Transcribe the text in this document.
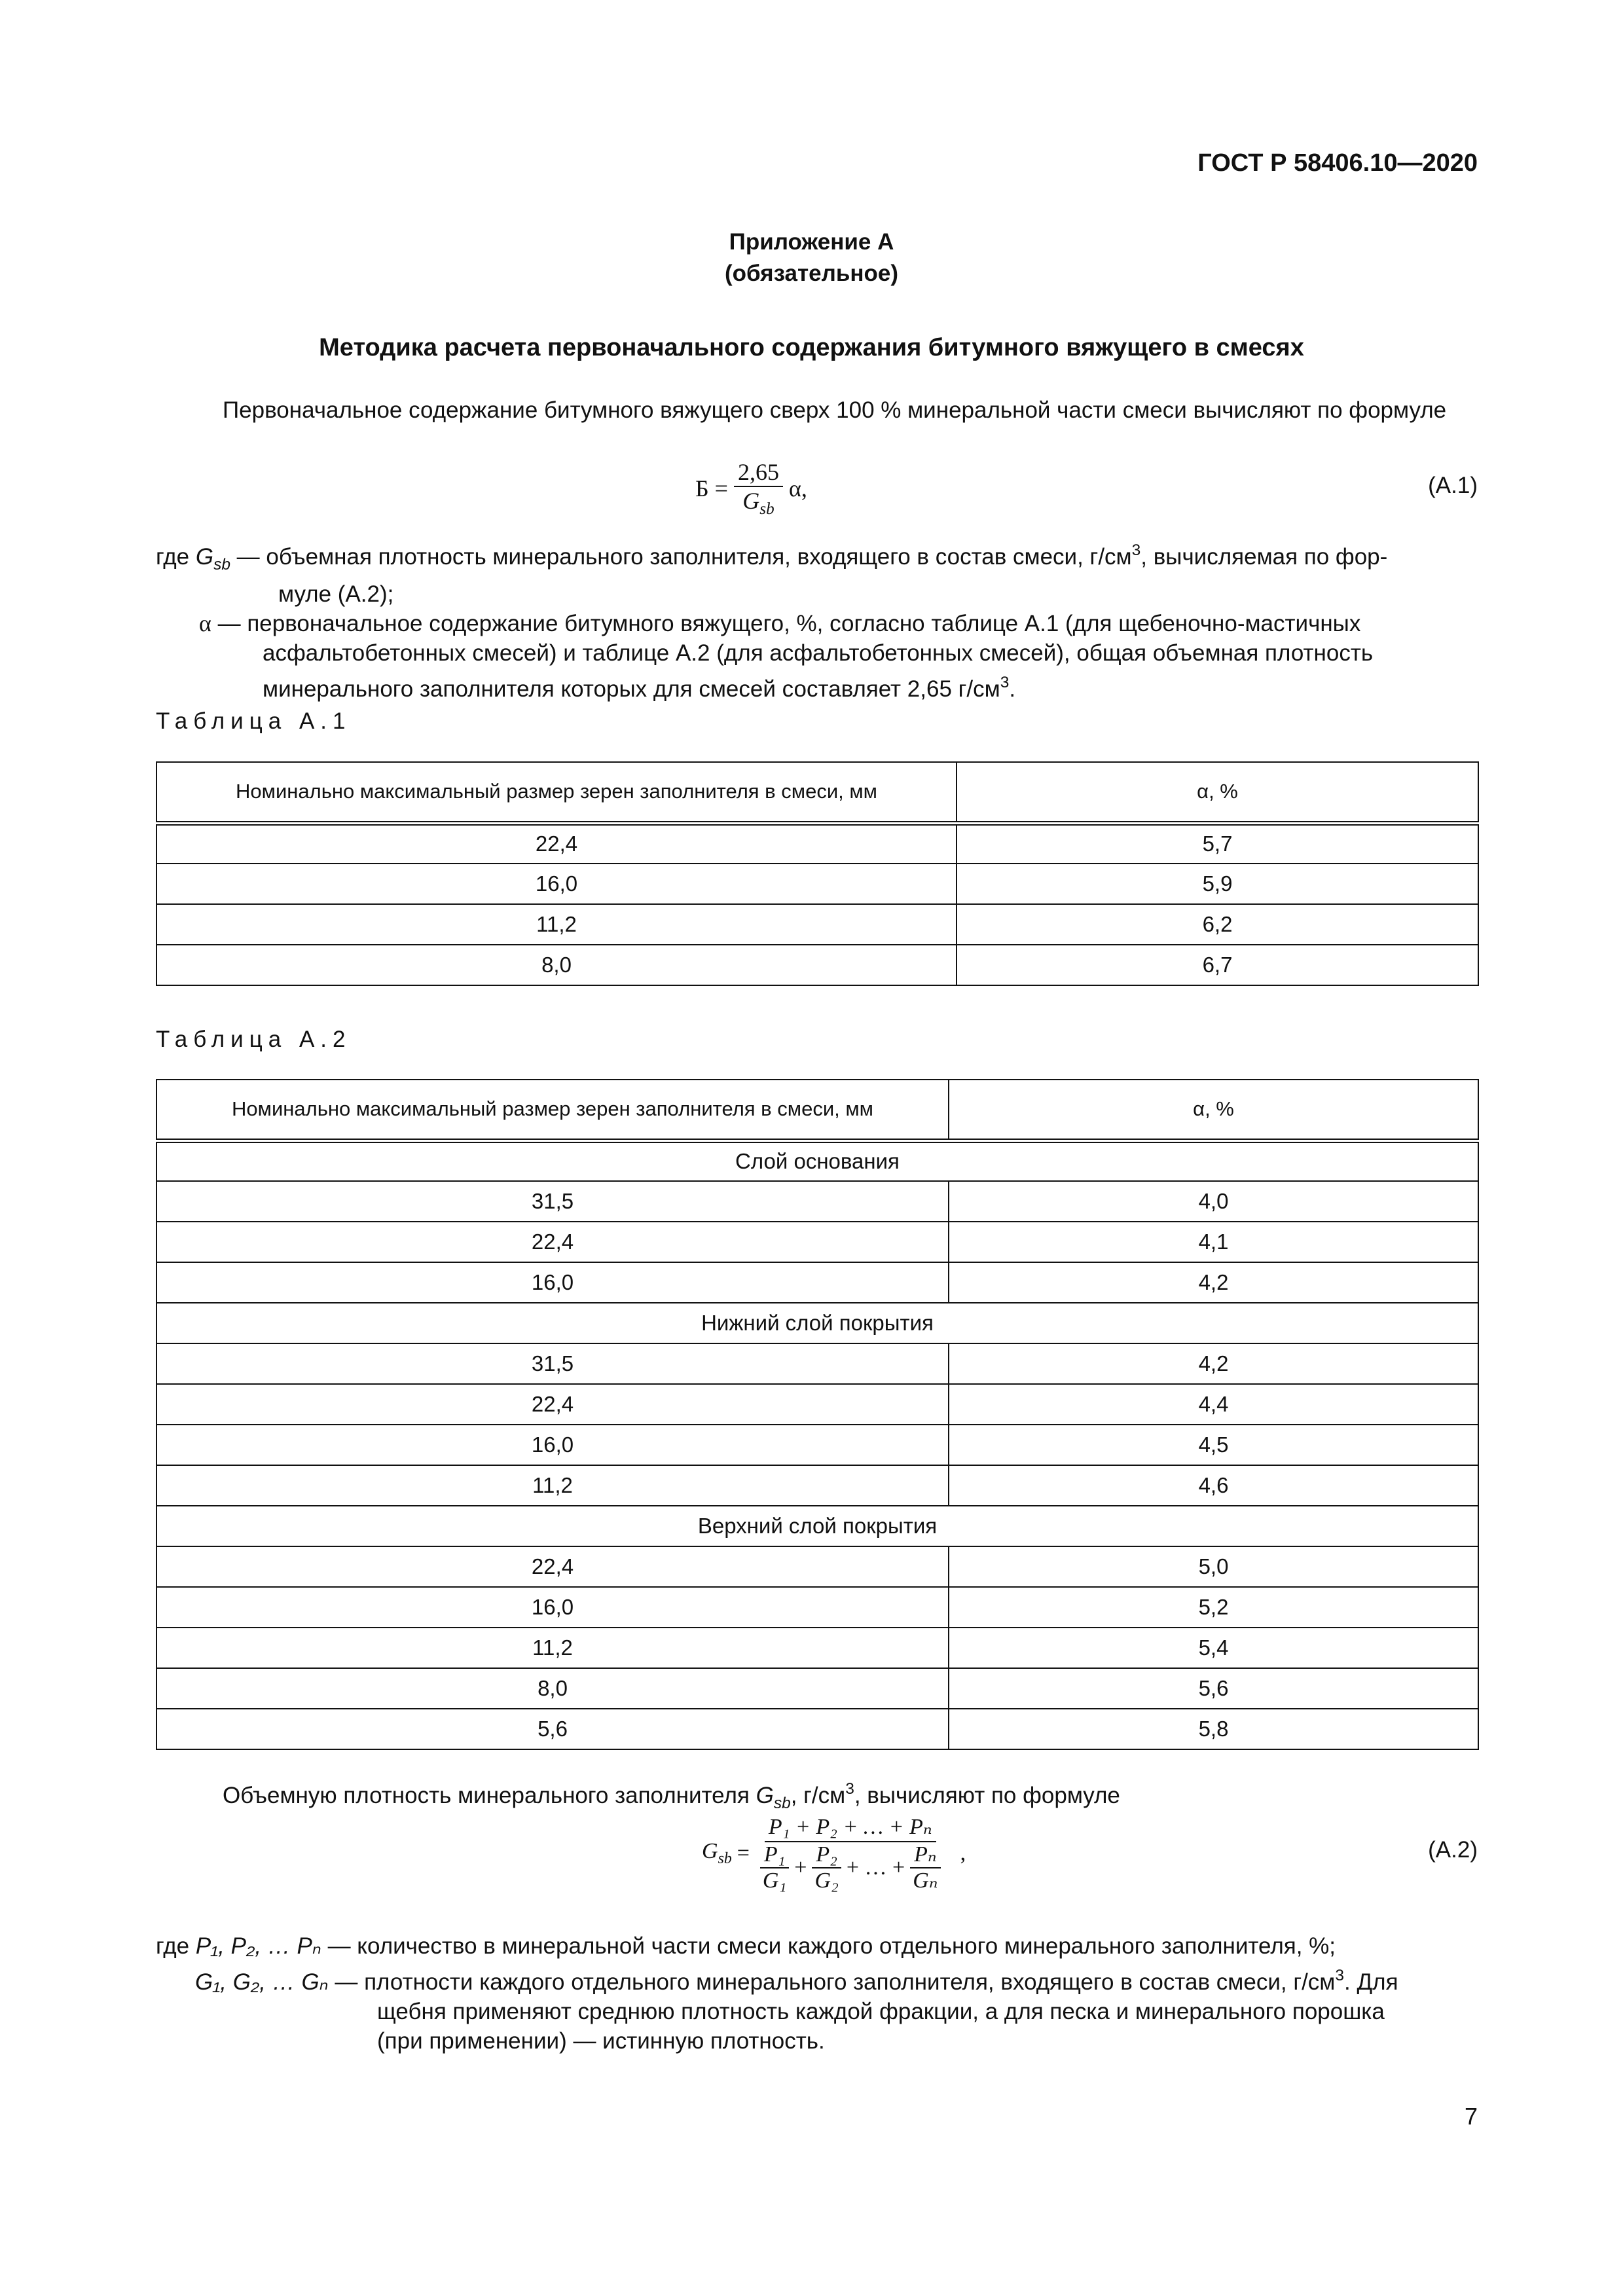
ГОСТ Р 58406.10—2020
Приложение А
(обязательное)
Методика расчета первоначального содержания битумного вяжущего в смесях
Первоначальное содержание битумного вяжущего сверх 100 % минеральной части смеси вычисляют по формуле
$Б = \frac{2,65}{G_{sb}} \alpha$,	(А.1)
где $G_{sb}$ — объемная плотность минерального заполнителя, входящего в состав смеси, $г/см^3$, вычисляемая по фор-
муле (А.2);
α — первоначальное содержание битумного вяжущего, %, согласно таблице А.1 (для щебеночно-мастичных
асфальтобетонных смесей) и таблице А.2 (для асфальтобетонных смесей), общая объемная плотность
минерального заполнителя которых для смесей составляет 2,65 $г/см^3$.
Таблица А.1
Номинально максимальный размер зерен заполнителя в смеси, мм	α, %
22,4	5,7
16,0	5,9
11,2	6,2
8,0	6,7
Таблица А.2
Номинально максимальный размер зерен заполнителя в смеси, мм	α, %
Слой основания	
31,5	4,0
22,4	4,1
16,0	4,2
Нижний слой покрытия	
31,5	4,2
22,4	4,4
16,0	4,5
11,2	4,6
Верхний слой покрытия	
22,4	5,0
16,0	5,2
11,2	5,4
8,0	5,6
5,6	5,8
Объемную плотность минерального заполнителя $G_{sb}$, $г/см^3$, вычисляют по формуле
$G_{sb} = \frac{\text{P₁ + P₂ + … + Pₙ}}{\frac{\text{P₁}}{\text{G₁}} + \frac{\text{P₂}}{\text{G₂}} + \dots + \frac{\text{Pₙ}}{\text{Gₙ}}}$ ,	(А.2)
где P₁, P₂, … Pₙ — количество в минеральной части смеси каждого отдельного минерального заполнителя, %;
G₁, G₂, … Gₙ — плотности каждого отдельного минерального заполнителя, входящего в состав смеси, $г/см^3$. Для
щебня применяют среднюю плотность каждой фракции, а для песка и минерального порошка
(при применении) — истинную плотность.
7
